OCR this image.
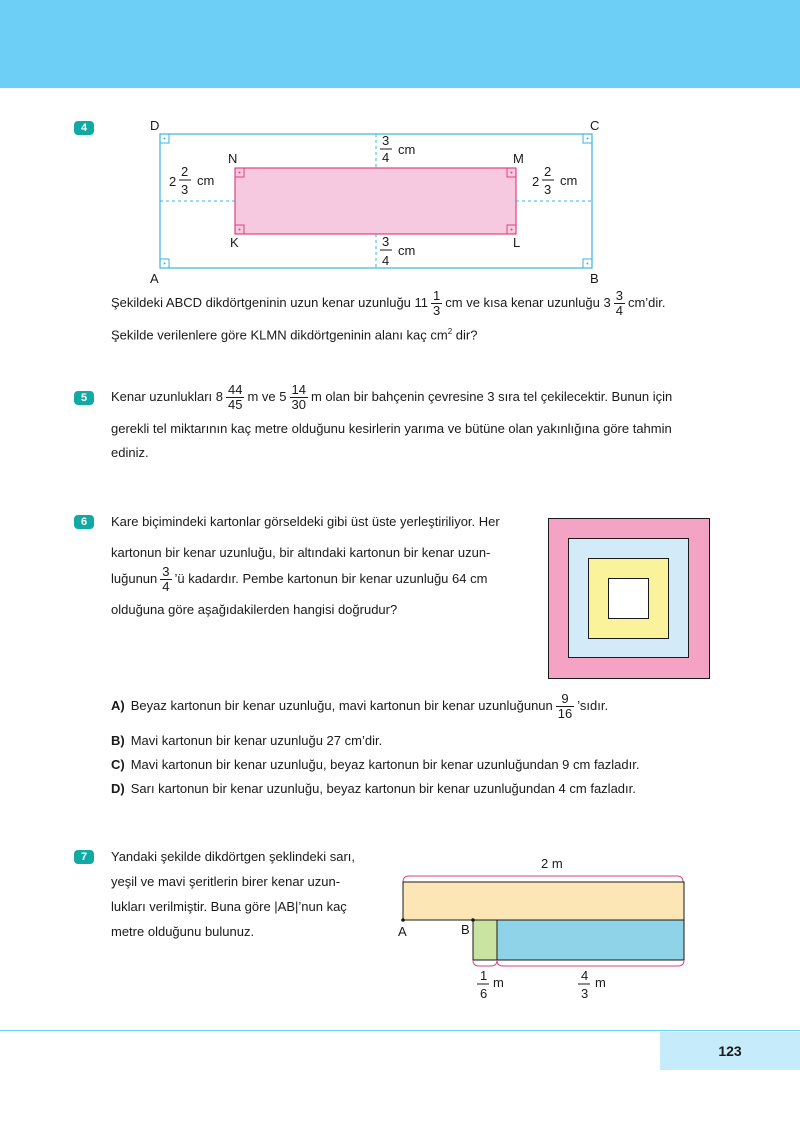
4	D	C
A	B
N	M
K	L
3
4
cm
3
4
cm
2
2
3
cm	2
2
3
cm
Şekildeki ABCD dikdörtgeninin uzun kenar uzunluğu $11 \frac{1}{3}$ cm ve kısa kenar uzunluğu $3 \frac{3}{4}$ cm’dir.
Şekilde verilenlere göre KLMN dikdörtgeninin alanı kaç $cm^2$ dir?
5	Kenar uzunlukları $8 \frac{44}{45}$ m ve $5 \frac{14}{30}$ m olan bir bahçenin çevresine 3 sıra tel çekilecektir. Bunun için
gerekli tel miktarının kaç metre olduğunu kesirlerin yarıma ve bütüne olan yakınlığına göre tahmin
ediniz.
6	Kare biçimindeki kartonlar görseldeki gibi üst üste yerleştiriliyor. Her
kartonun bir kenar uzunluğu, bir altındaki kartonun bir kenar uzun-
luğunun $\frac{3}{4}$ ’ü kadardır. Pembe kartonun bir kenar uzunluğu 64 cm
olduğuna göre aşağıdakilerden hangisi doğrudur?
A) Beyaz kartonun bir kenar uzunluğu, mavi kartonun bir kenar uzunluğunun $\frac{9}{16}$ ’sıdır.
B) Mavi kartonun bir kenar uzunluğu 27 cm’dir.
C) Mavi kartonun bir kenar uzunluğu, beyaz kartonun bir kenar uzunluğundan 9 cm fazladır.
D) Sarı kartonun bir kenar uzunluğu, beyaz kartonun bir kenar uzunluğundan 4 cm fazladır.
7	Yandaki şekilde dikdörtgen şeklindeki sarı,
yeşil ve mavi şeritlerin birer kenar uzun-
lukları verilmiştir. Buna göre |AB|’nun kaç
metre olduğunu bulunuz.
2 m
A	B
1
6
m	4
3
m
123
